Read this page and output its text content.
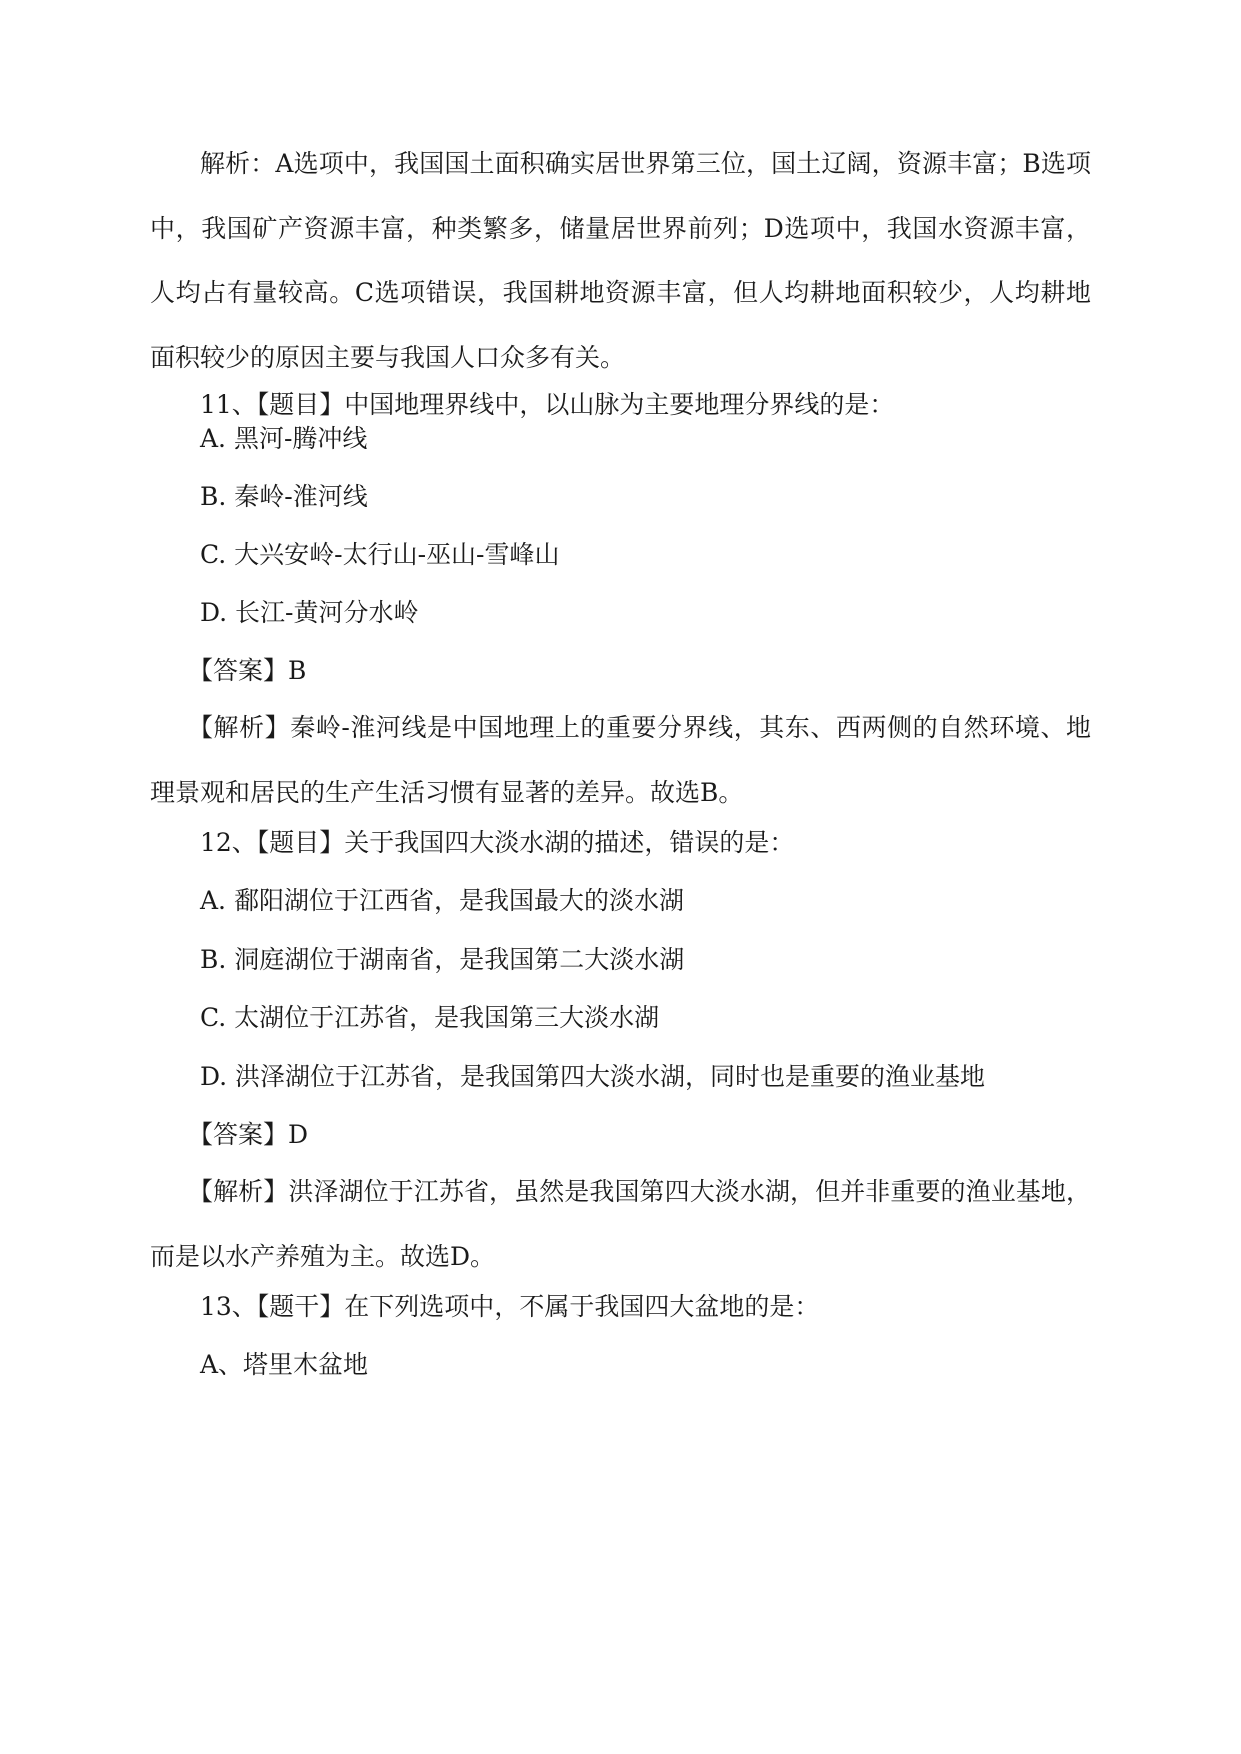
解析：A选项中，我国国土面积确实居世界第三位，国土辽阔，资源丰富；B选项中，我国矿产资源丰富，种类繁多，储量居世界前列；D选项中，我国水资源丰富，人均占有量较高。C选项错误，我国耕地资源丰富，但人均耕地面积较少，人均耕地面积较少的原因主要与我国人口众多有关。

11、【题目】中国地理界线中，以山脉为主要地理分界线的是：

A. 黑河-腾冲线

B. 秦岭-淮河线

C. 大兴安岭-太行山-巫山-雪峰山

D. 长江-黄河分水岭

【答案】B

【解析】秦岭-淮河线是中国地理上的重要分界线，其东、西两侧的自然环境、地理景观和居民的生产生活习惯有显著的差异。故选B。

12、【题目】关于我国四大淡水湖的描述，错误的是：

A. 鄱阳湖位于江西省，是我国最大的淡水湖

B. 洞庭湖位于湖南省，是我国第二大淡水湖

C. 太湖位于江苏省，是我国第三大淡水湖

D. 洪泽湖位于江苏省，是我国第四大淡水湖，同时也是重要的渔业基地

【答案】D

【解析】洪泽湖位于江苏省，虽然是我国第四大淡水湖，但并非重要的渔业基地，而是以水产养殖为主。故选D。

13、【题干】在下列选项中，不属于我国四大盆地的是：

A、塔里木盆地
